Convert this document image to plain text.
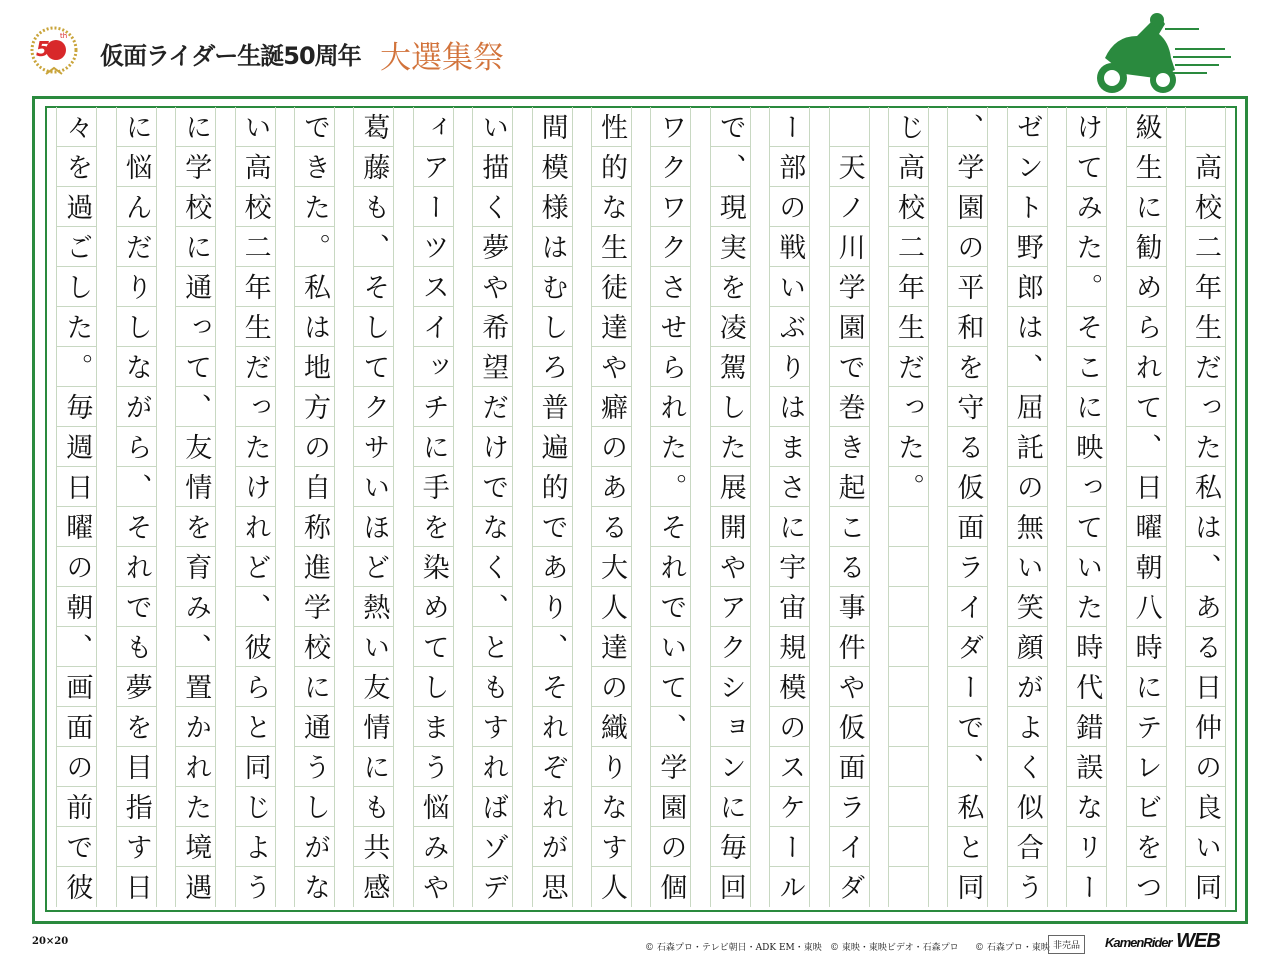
5
th
仮面ライダー生誕50周年 大選集祭

高
校
二
年
生
だ
っ
た
私
は
、
あ
る
日
仲
の
良
い
同
級
生
に
勧
め
ら
れ
て
、
日
曜
朝
八
時
に
テ
レ
ビ
を
つ
け
て
み
た
。
そ
こ
に
映
っ
て
い
た
時
代
錯
誤
な
リ
ー
ゼ
ン
ト
野
郎
は
、
屈
託
の
無
い
笑
顔
が
よ
く
似
合
う
、
学
園
の
平
和
を
守
る
仮
面
ラ
イ
ダ
ー
で
、
私
と
同
じ
高
校
二
年
生
だ
っ
た
。

天
ノ
川
学
園
で
巻
き
起
こ
る
事
件
や
仮
面
ラ
イ
ダ
ー
部
の
戦
い
ぶ
り
は
ま
さ
に
宇
宙
規
模
の
ス
ケ
ー
ル
で
、
現
実
を
凌
駕
し
た
展
開
や
ア
ク
シ
ョ
ン
に
毎
回
ワ
ク
ワ
ク
さ
せ
ら
れ
た
。
そ
れ
で
い
て
、
学
園
の
個
性
的
な
生
徒
達
や
癖
の
あ
る
大
人
達
の
織
り
な
す
人
間
模
様
は
む
し
ろ
普
遍
的
で
あ
り
、
そ
れ
ぞ
れ
が
思
い
描
く
夢
や
希
望
だ
け
で
な
く
、
と
も
す
れ
ば
ゾ
デ
ィ
ア
ー
ツ
ス
イ
ッ
チ
に
手
を
染
め
て
し
ま
う
悩
み
や
葛
藤
も
、
そ
し
て
ク
サ
い
ほ
ど
熱
い
友
情
に
も
共
感
で
き
た
。
私
は
地
方
の
自
称
進
学
校
に
通
う
し
が
な
い
高
校
二
年
生
だ
っ
た
け
れ
ど
、
彼
ら
と
同
じ
よ
う
に
学
校
に
通
っ
て
、
友
情
を
育
み
、
置
か
れ
た
境
遇
に
悩
ん
だ
り
し
な
が
ら
、
そ
れ
で
も
夢
を
目
指
す
日
々
を
過
ご
し
た
。
毎
週
日
曜
の
朝
、
画
面
の
前
で
彼
20×20
© 石森プロ・テレビ朝日・ADK EM・東映 © 東映・東映ビデオ・石森プロ © 石森プロ・東映 非売品	KamenRider WEB
